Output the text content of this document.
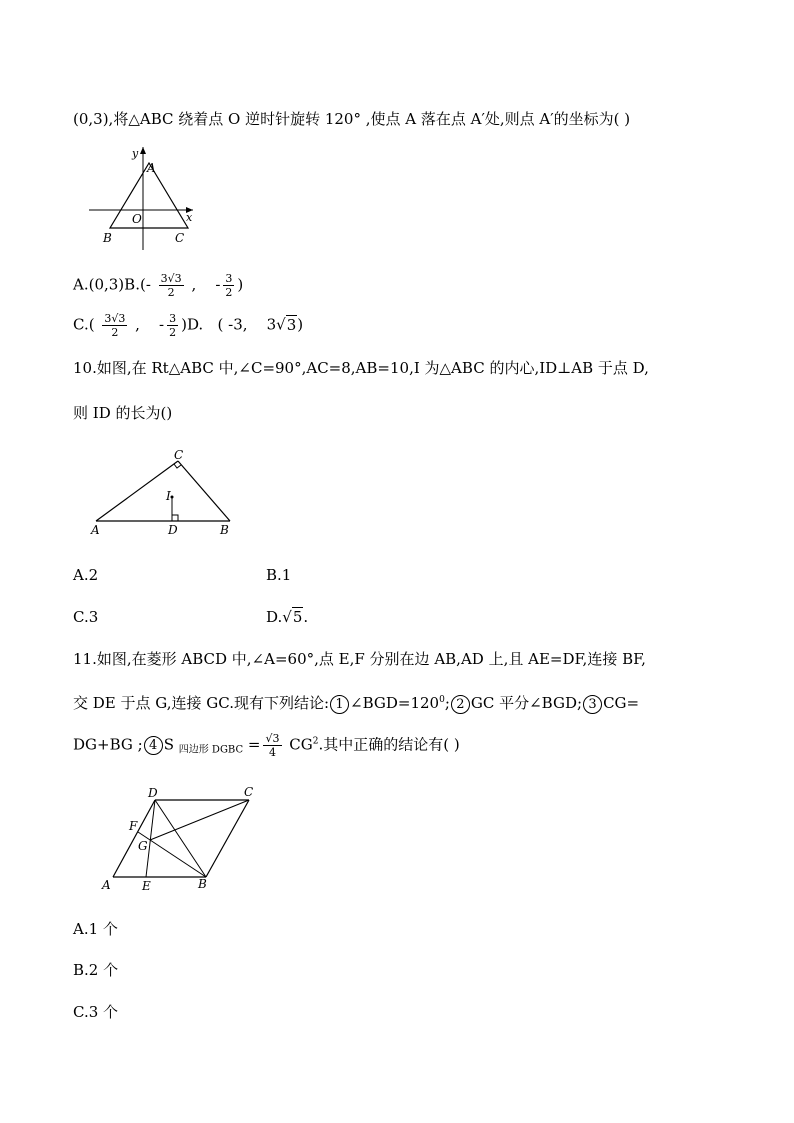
(0,3),将△ABC 绕着点 O 逆时针旋转 120° ,使点 A 落在点 A′处,则点 A′的坐标为( )
y
x
A
O
B	C
$A.(0,3)B.(- \frac{3√3}{2}$ , - $\frac{3}{2}$ )
$C.( \frac{3√3}{2}$ , - $\frac{3}{2} )D$. ( -3, 3√3)
10.如图,在 Rt△ABC 中,∠C=90°,AC=8,AB=10,I 为△ABC 的内心,ID⊥AB 于点 D,
则 ID 的长为()
C
I
A	D	B
A.2	B.1
C.3	D.√5.
11.如图,在菱形 ABCD 中,∠A=60°,点 E,F 分别在边 AB,AD 上,且 AE=DF,连接 BF,
交 DE 于点 G,连接 GC.现有下列结论: 1 $\angle BGD=120^0$; 2 GC 平分∠BGD; 3 CG=
DG+BG ; 4 S $_{四边形 DGBC} = \frac{√3}{4} CG^2$.其中正确的结论有( )
D	C
F
G
A	E	B
A.1 个
B.2 个
C.3 个
